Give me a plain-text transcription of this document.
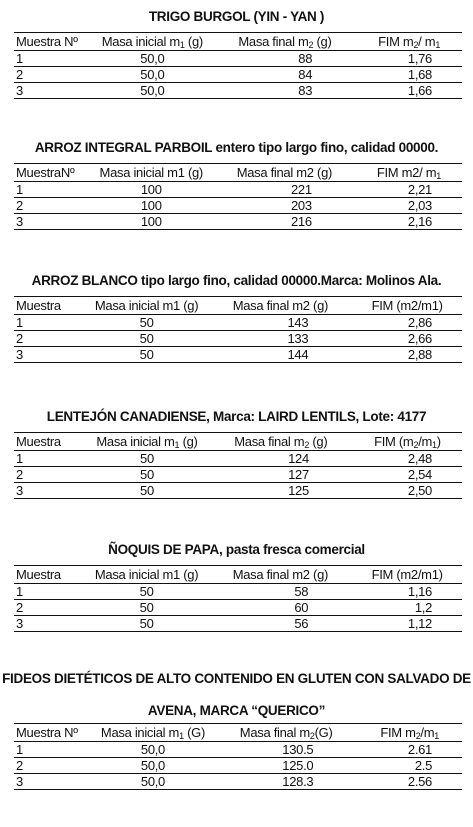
TRIGO BURGOL (YIN - YAN )
Muestra Nº	Masa inicial $m_1$ (g)	Masa final $m_2$ (g)	FIM $m_2/$ $m_1$
1	50,0	88	1,76
2	50,0	84	1,68
3	50,0	83	1,66
ARROZ INTEGRAL PARBOIL entero tipo largo fino, calidad 00000.
MuestraNº	Masa inicial m1 (g)	Masa final m2 (g)	FIM m2/ $m_1$
1	100	221	2,21
2	100	203	2,03
3	100	216	2,16
ARROZ BLANCO tipo largo fino, calidad 00000.Marca: Molinos Ala.
Muestra	Masa inicial m1 (g)	Masa final m2 (g)	FIM (m2/m1)
1	50	143	2,86
2	50	133	2,66
3	50	144	2,88
LENTEJÓN CANADIENSE, Marca: LAIRD LENTILS, Lote: 4177
Muestra	Masa inicial $m_1$ (g)	Masa final $m_2$ (g)	FIM $(m_2/m_1)$
1	50	124	2,48
2	50	127	2,54
3	50	125	2,50
ÑOQUIS DE PAPA, pasta fresca comercial
Muestra	Masa inicial m1 (g)	Masa final m2 (g)	FIM (m2/m1)
1	50	58	1,16
2	50	60	1,2
3	50	56	1,12
FIDEOS DIETÉTICOS DE ALTO CONTENIDO EN GLUTEN CON SALVADO DE
AVENA, MARCA “QUERICO”
Muestra Nº	Masa inicial $m_1$ (G)	Masa final $m_2(G)$	FIM $m_2/m_1$
1	50,0	130.5	2.61
2	50,0	125.0	2.5
3	50,0	128.3	2.56
